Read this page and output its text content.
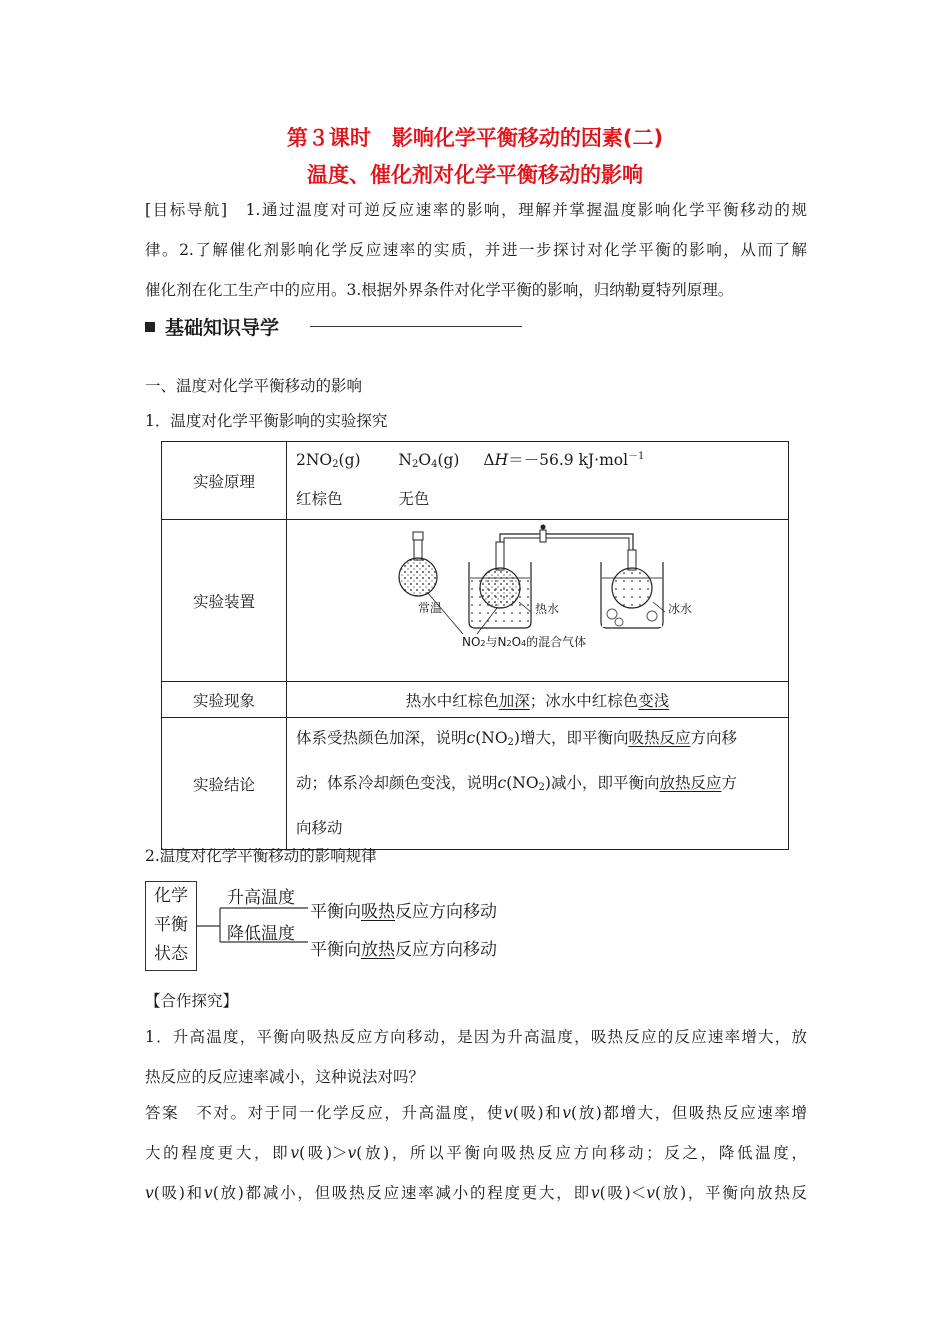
第３课时　影响化学平衡移动的因素(二)
温度、催化剂对化学平衡移动的影响
[目标导航]　1.通过温度对可逆反应速率的影响，理解并掌握温度影响化学平衡移动的规
律。2.了解催化剂影响化学反应速率的实质，并进一步探讨对化学平衡的影响，从而了解
催化剂在化工生产中的应用。3.根据外界条件对化学平衡的影响，归纳勒夏特列原理。
基础知识导学
一、温度对化学平衡移动的影响
1．温度对化学平衡影响的实验探究
实验原理	$2NO_2(g)$ $N_2O_4(g)$ ΔH＝－56.9 kJ·mol$^{-1}$
红棕色 无色

实验装置	常温 热水 冰水
NO2与N2O4的混合气体

实验现象	热水中红棕色加深；冰水中红棕色变浅
实验结论	体系受热颜色加深，说明$c(NO_2)$增大，即平衡向吸热反应方向移
动；体系冷却颜色变浅，说明$c(NO_2)$减小，即平衡向放热反应方
向移动
2.温度对化学平衡移动的影响规律
化学
平衡
状态
升高温度
降低温度
平衡向吸热反应方向移动
平衡向放热反应方向移动
【合作探究】
1．升高温度，平衡向吸热反应方向移动，是因为升高温度，吸热反应的反应速率增大，放
热反应的反应速率减小，这种说法对吗？
答案　不对。对于同一化学反应，升高温度，使v(吸)和v(放)都增大，但吸热反应速率增
大的程度更大，即v(吸)＞v(放)，所以平衡向吸热反应方向移动；反之，降低温度，
v(吸)和v(放)都减小，但吸热反应速率减小的程度更大，即v(吸)＜v(放)，平衡向放热反
